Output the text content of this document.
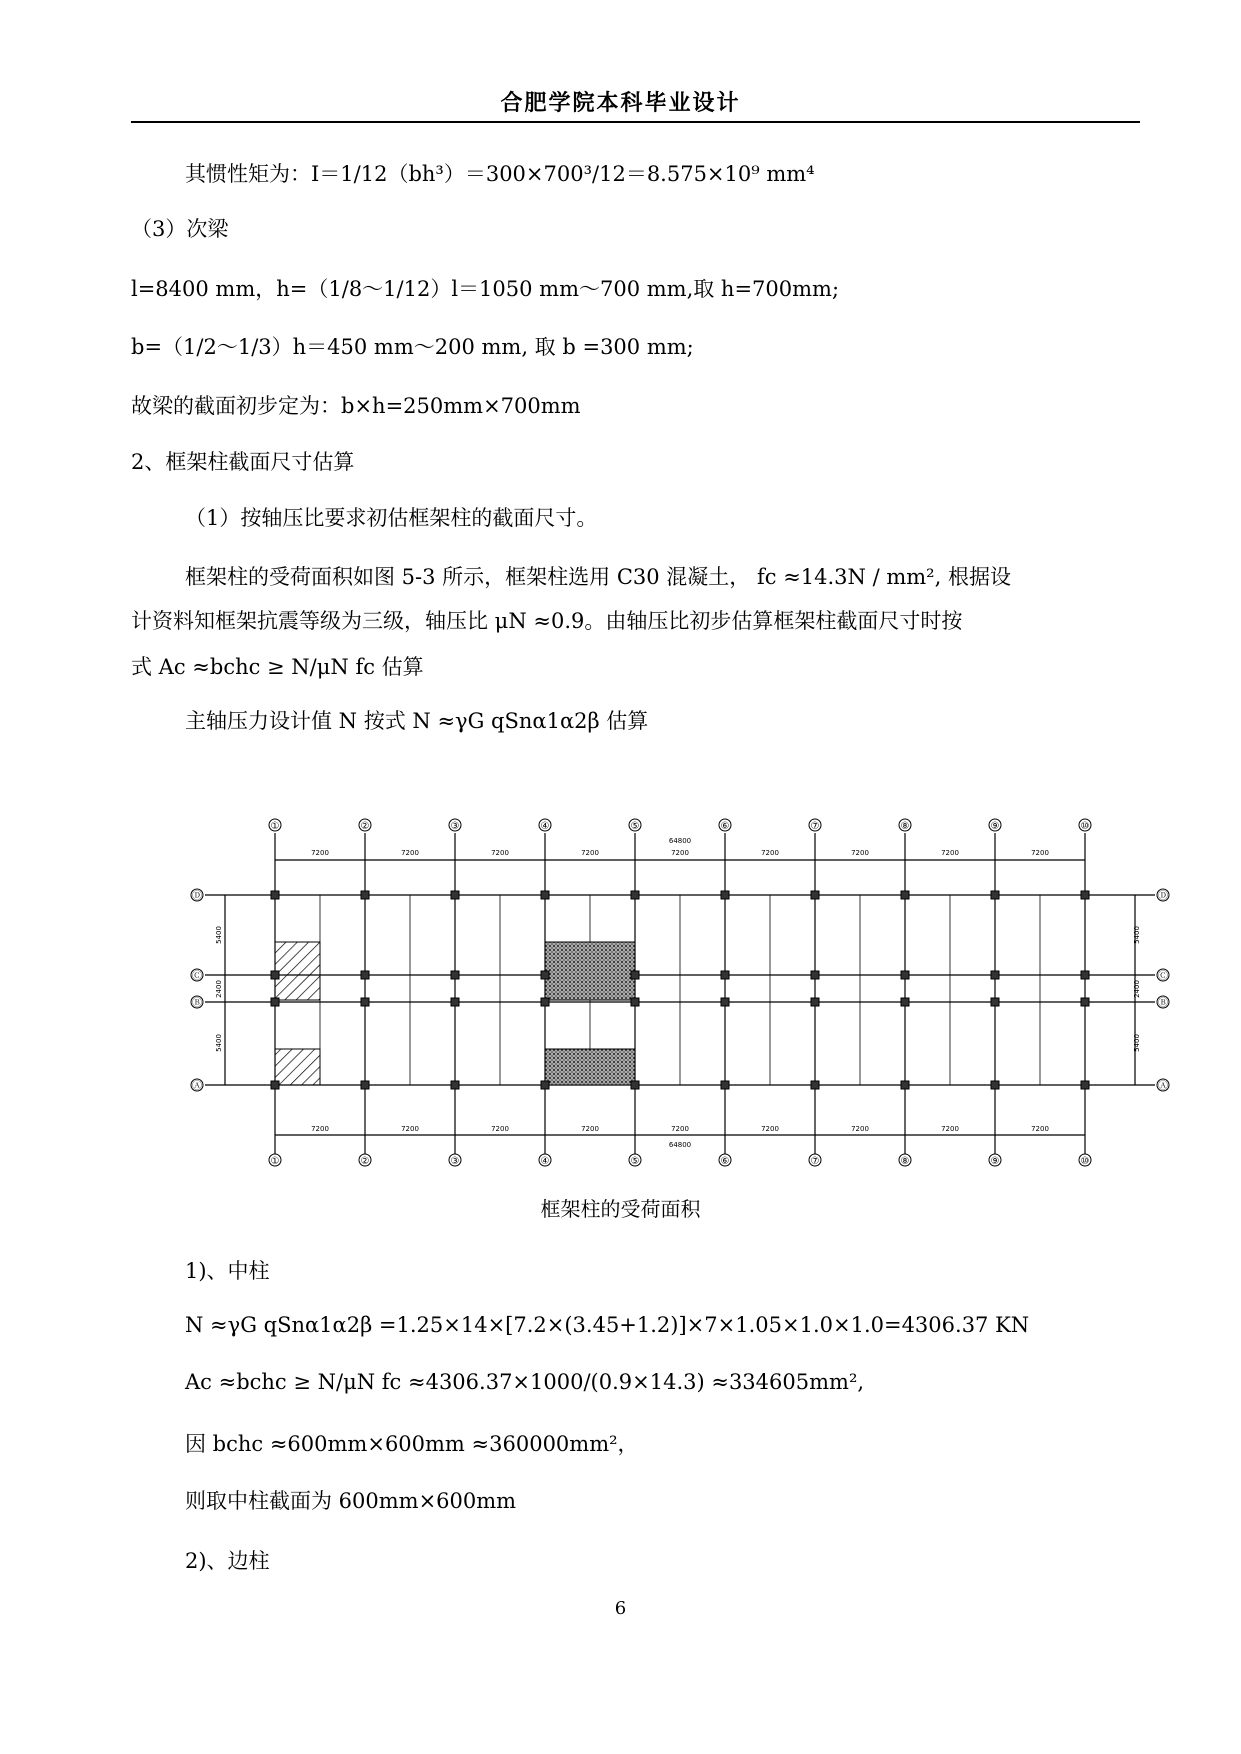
合肥学院本科毕业设计
其惯性矩为：I＝1/12（bh³）＝300×700³/12＝8.575×10⁹ mm⁴
（3）次梁
l=8400 mm，h=（1/8～1/12）l＝1050 mm～700 mm,取 h=700mm;
b=（1/2～1/3）h＝450 mm～200 mm, 取 b =300 mm;
故梁的截面初步定为：b×h=250mm×700mm
2、框架柱截面尺寸估算
（1）按轴压比要求初估框架柱的截面尺寸。
框架柱的受荷面积如图 5-3 所示，框架柱选用 C30 混凝土， fc ≈14.3N / mm², 根据设
计资料知框架抗震等级为三级，轴压比 μN ≈0.9。由轴压比初步估算框架柱截面尺寸时按
式 Ac ≈bchc ≥ N/μN fc 估算
主轴压力设计值 N 按式 N ≈γG qSnα1α2β 估算
①
①
②
②
③
③
④
④
⑤
⑤
⑥
⑥
⑦
⑦
⑧
⑧
⑨
⑨
⑩
⑩
Ⓓ	Ⓓ
Ⓒ	Ⓒ
Ⓑ	Ⓑ
Ⓐ	Ⓐ
7200
7200
7200
7200
7200
7200
7200
7200
7200
7200
7200
7200
7200
7200
7200
7200
7200
7200
64800
64800
5400	5400
2400	2400
5400	5400
框架柱的受荷面积
1)、中柱
N ≈γG qSnα1α2β =1.25×14×[7.2×(3.45+1.2)]×7×1.05×1.0×1.0=4306.37 KN
Ac ≈bchc ≥ N/μN fc ≈4306.37×1000/(0.9×14.3) ≈334605mm²,
因 bchc ≈600mm×600mm ≈360000mm²，
则取中柱截面为 600mm×600mm
2)、边柱
6
